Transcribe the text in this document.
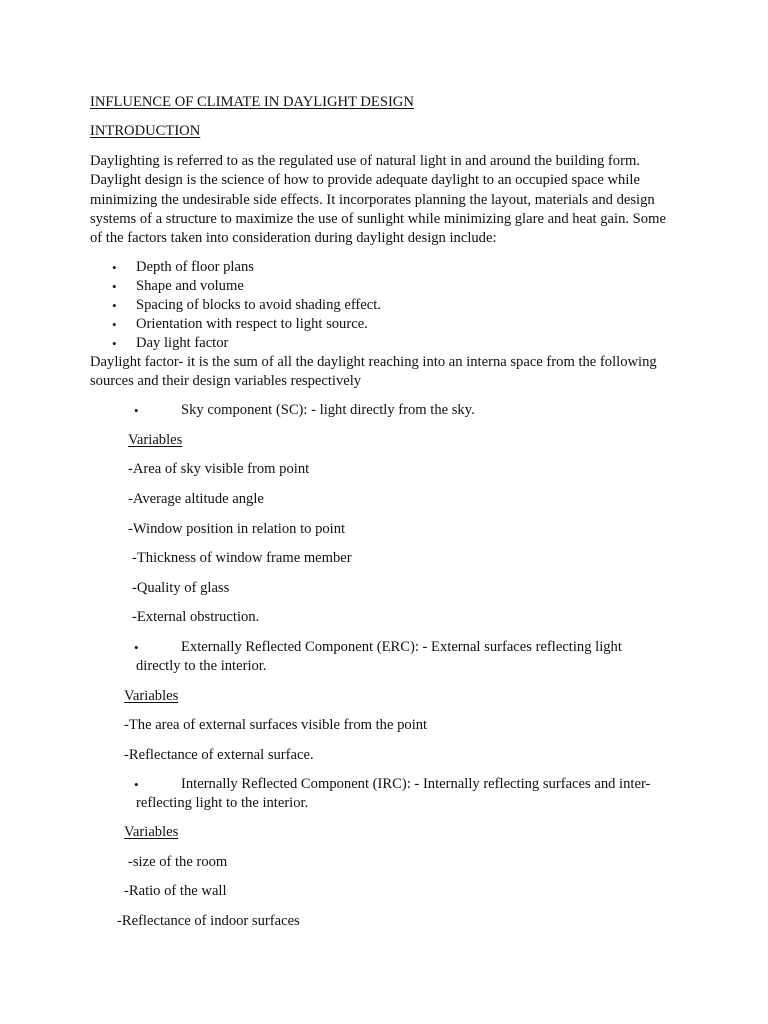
INFLUENCE OF CLIMATE IN DAYLIGHT DESIGN
INTRODUCTION
Daylighting is referred to as the regulated use of natural light in and around the building form. Daylight design is the science of how to provide adequate daylight to an occupied space while minimizing the undesirable side effects. It incorporates planning the layout, materials and design systems of a structure to maximize the use of sunlight while minimizing glare and heat gain. Some of the factors taken into consideration during daylight design include:
• Depth of floor plans
• Shape and volume
• Spacing of blocks to avoid shading effect.
• Orientation with respect to light source.
• Day light factor
Daylight factor- it is the sum of all the daylight reaching into an interna space from the following sources and their design variables respectively
•	Sky component (SC): - light directly from the sky.
Variables
-Area of sky visible from point
-Average altitude angle
-Window position in relation to point
-Thickness of window frame member
-Quality of glass
-External obstruction.
•	Externally Reflected Component (ERC): - External surfaces reflecting light
directly to the interior.
Variables
-The area of external surfaces visible from the point
-Reflectance of external surface.
•	Internally Reflected Component (IRC): - Internally reflecting surfaces and inter-
reflecting light to the interior.
Variables
-size of the room
-Ratio of the wall
-Reflectance of indoor surfaces
